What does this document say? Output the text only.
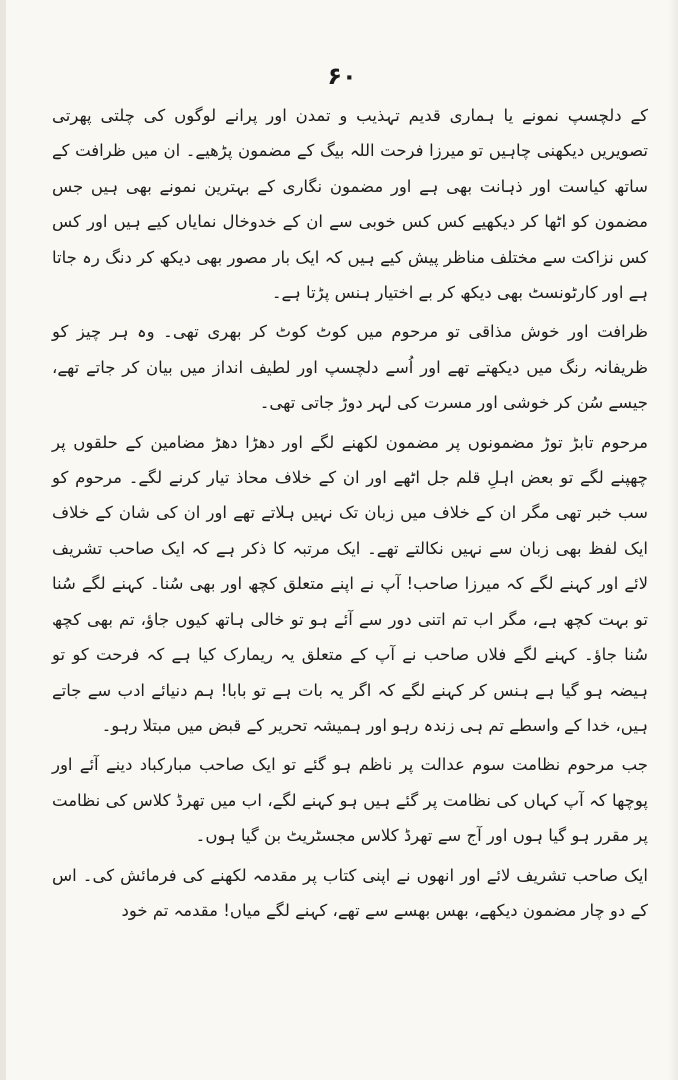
۶۰

کے دلچسپ نمونے یا ہماری قدیم تہذیب و تمدن اور پرانے لوگوں کی چلتی پھرتی تصویریں دیکھنی چاہیں تو میرزا فرحت اللہ بیگ کے مضمون پڑھیے۔ ان میں ظرافت کے ساتھ کیاست اور ذہانت بھی ہے اور مضمون نگاری کے بہترین نمونے بھی ہیں جس مضمون کو اٹھا کر دیکھیے کس کس خوبی سے ان کے خدوخال نمایاں کیے ہیں اور کس کس نزاکت سے مختلف مناظر پیش کیے ہیں کہ ایک بار مصور بھی دیکھ کر دنگ رہ جاتا ہے اور کارٹونسٹ بھی دیکھ کر بے اختیار ہنس پڑتا ہے۔

ظرافت اور خوش مذاقی تو مرحوم میں کوٹ کوٹ کر بھری تھی۔ وہ ہر چیز کو ظریفانہ رنگ میں دیکھتے تھے اور اُسے دلچسپ اور لطیف انداز میں بیان کر جاتے تھے، جیسے سُن کر خوشی اور مسرت کی لہر دوڑ جاتی تھی۔

مرحوم تابڑ توڑ مضمونوں پر مضمون لکھنے لگے اور دھڑا دھڑ مضامین کے حلقوں پر چھپنے لگے تو بعض اہلِ قلم جل اٹھے اور ان کے خلاف محاذ تیار کرنے لگے۔ مرحوم کو سب خبر تھی مگر ان کے خلاف میں زبان تک نہیں ہلاتے تھے اور ان کی شان کے خلاف ایک لفظ بھی زبان سے نہیں نکالتے تھے۔ ایک مرتبہ کا ذکر ہے کہ ایک صاحب تشریف لائے اور کہنے لگے کہ میرزا صاحب! آپ نے اپنے متعلق کچھ اور بھی سُنا۔ کہنے لگے سُنا تو بہت کچھ ہے، مگر اب تم اتنی دور سے آئے ہو تو خالی ہاتھ کیوں جاؤ، تم بھی کچھ سُنا جاؤ۔ کہنے لگے فلاں صاحب نے آپ کے متعلق یہ ریمارک کیا ہے کہ فرحت کو تو ہیضہ ہو گیا ہے ہنس کر کہنے لگے کہ اگر یہ بات ہے تو بابا! ہم دنیائے ادب سے جاتے ہیں، خدا کے واسطے تم ہی زندہ رہو اور ہمیشہ تحریر کے قبض میں مبتلا رہو۔

جب مرحوم نظامت سوم عدالت پر ناظم ہو گئے تو ایک صاحب مبارکباد دینے آئے اور پوچھا کہ آپ کہاں کی نظامت پر گئے ہیں ہو کہنے لگے، اب میں تھرڈ کلاس کی نظامت پر مقرر ہو گیا ہوں اور آج سے تھرڈ کلاس مجسٹریٹ بن گیا ہوں۔

ایک صاحب تشریف لائے اور انھوں نے اپنی کتاب پر مقدمہ لکھنے کی فرمائش کی۔ اس کے دو چار مضمون دیکھے، بھس بھسے سے تھے، کہنے لگے میاں! مقدمہ تم خود
